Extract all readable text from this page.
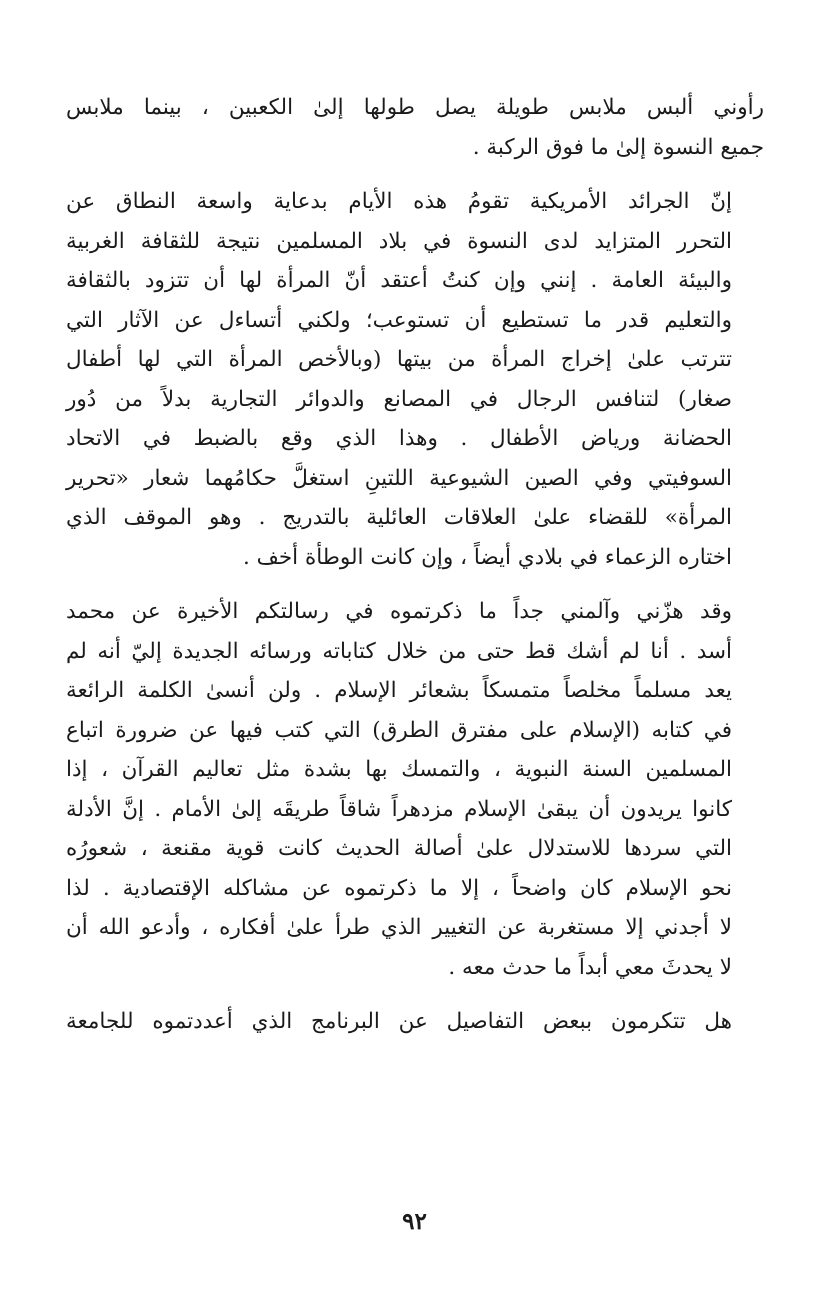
رأوني ألبس ملابس طويلة يصل طولها إلىٰ الكعبين ، بينما ملابس
جميع النسوة إلىٰ ما فوق الركبة .

إنّ الجرائد الأمريكية تقومُ هذه الأيام بدعاية واسعة النطاق عن
التحرر المتزايد لدى النسوة في بلاد المسلمين نتيجة للثقافة الغربية
والبيئة العامة . إنني وإن كنتُ أعتقد أنّ المرأة لها أن تتزود بالثقافة
والتعليم قدر ما تستطيع أن تستوعب؛ ولكني أتساءل عن الآثار التي
تترتب علىٰ إخراج المرأة من بيتها (وبالأخص المرأة التي لها أطفال
صغار) لتنافس الرجال في المصانع والدوائر التجارية بدلاً من دُور
الحضانة ورياض الأطفال . وهذا الذي وقع بالضبط في الاتحاد
السوفيتي وفي الصين الشيوعية اللتينِ استغلَّ حكامُهما شعار «تحرير
المرأة» للقضاء علىٰ العلاقات العائلية بالتدريج . وهو الموقف الذي
اختاره الزعماء في بلادي أيضاً ، وإن كانت الوطأة أخف .

وقد هزّني وآلمني جداً ما ذكرتموه في رسالتكم الأخيرة عن محمد
أسد . أنا لم أشك قط حتى من خلال كتاباته ورسائه الجديدة إليّ أنه لم
يعد مسلماً مخلصاً متمسكاً بشعائر الإسلام . ولن أنسىٰ الكلمة الرائعة
في كتابه (الإسلام على مفترق الطرق) التي كتب فيها عن ضرورة اتباع
المسلمين السنة النبوية ، والتمسك بها بشدة مثل تعاليم القرآن ، إذا
كانوا يريدون أن يبقىٰ الإسلام مزدهراً شاقاً طريقَه إلىٰ الأمام . إنَّ الأدلة
التي سردها للاستدلال علىٰ أصالة الحديث كانت قوية مقنعة ، شعورُه
نحو الإسلام كان واضحاً ، إلا ما ذكرتموه عن مشاكله الإقتصادية . لذا
لا أجدني إلا مستغربة عن التغيير الذي طرأ علىٰ أفكاره ، وأدعو الله أن
لا يحدثَ معي أبداً ما حدث معه .

هل تتكرمون ببعض التفاصيل عن البرنامج الذي أعددتموه للجامعة

٩٢
